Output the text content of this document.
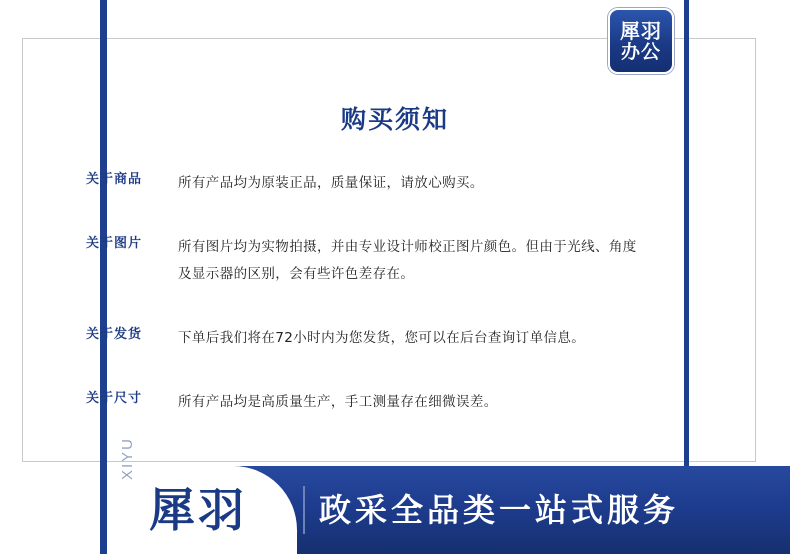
犀羽
办公
购买须知
关于商品	所有产品均为原装正品，质量保证，请放心购买。
关于图片	所有图片均为实物拍摄，并由专业设计师校正图片颜色。但由于光线、角度及显示器的区别，会有些许色差存在。
关于发货	下单后我们将在72小时内为您发货，您可以在后台查询订单信息。
关于尺寸	所有产品均是高质量生产，手工测量存在细微误差。
XIYU
犀羽 政采全品类一站式服务
